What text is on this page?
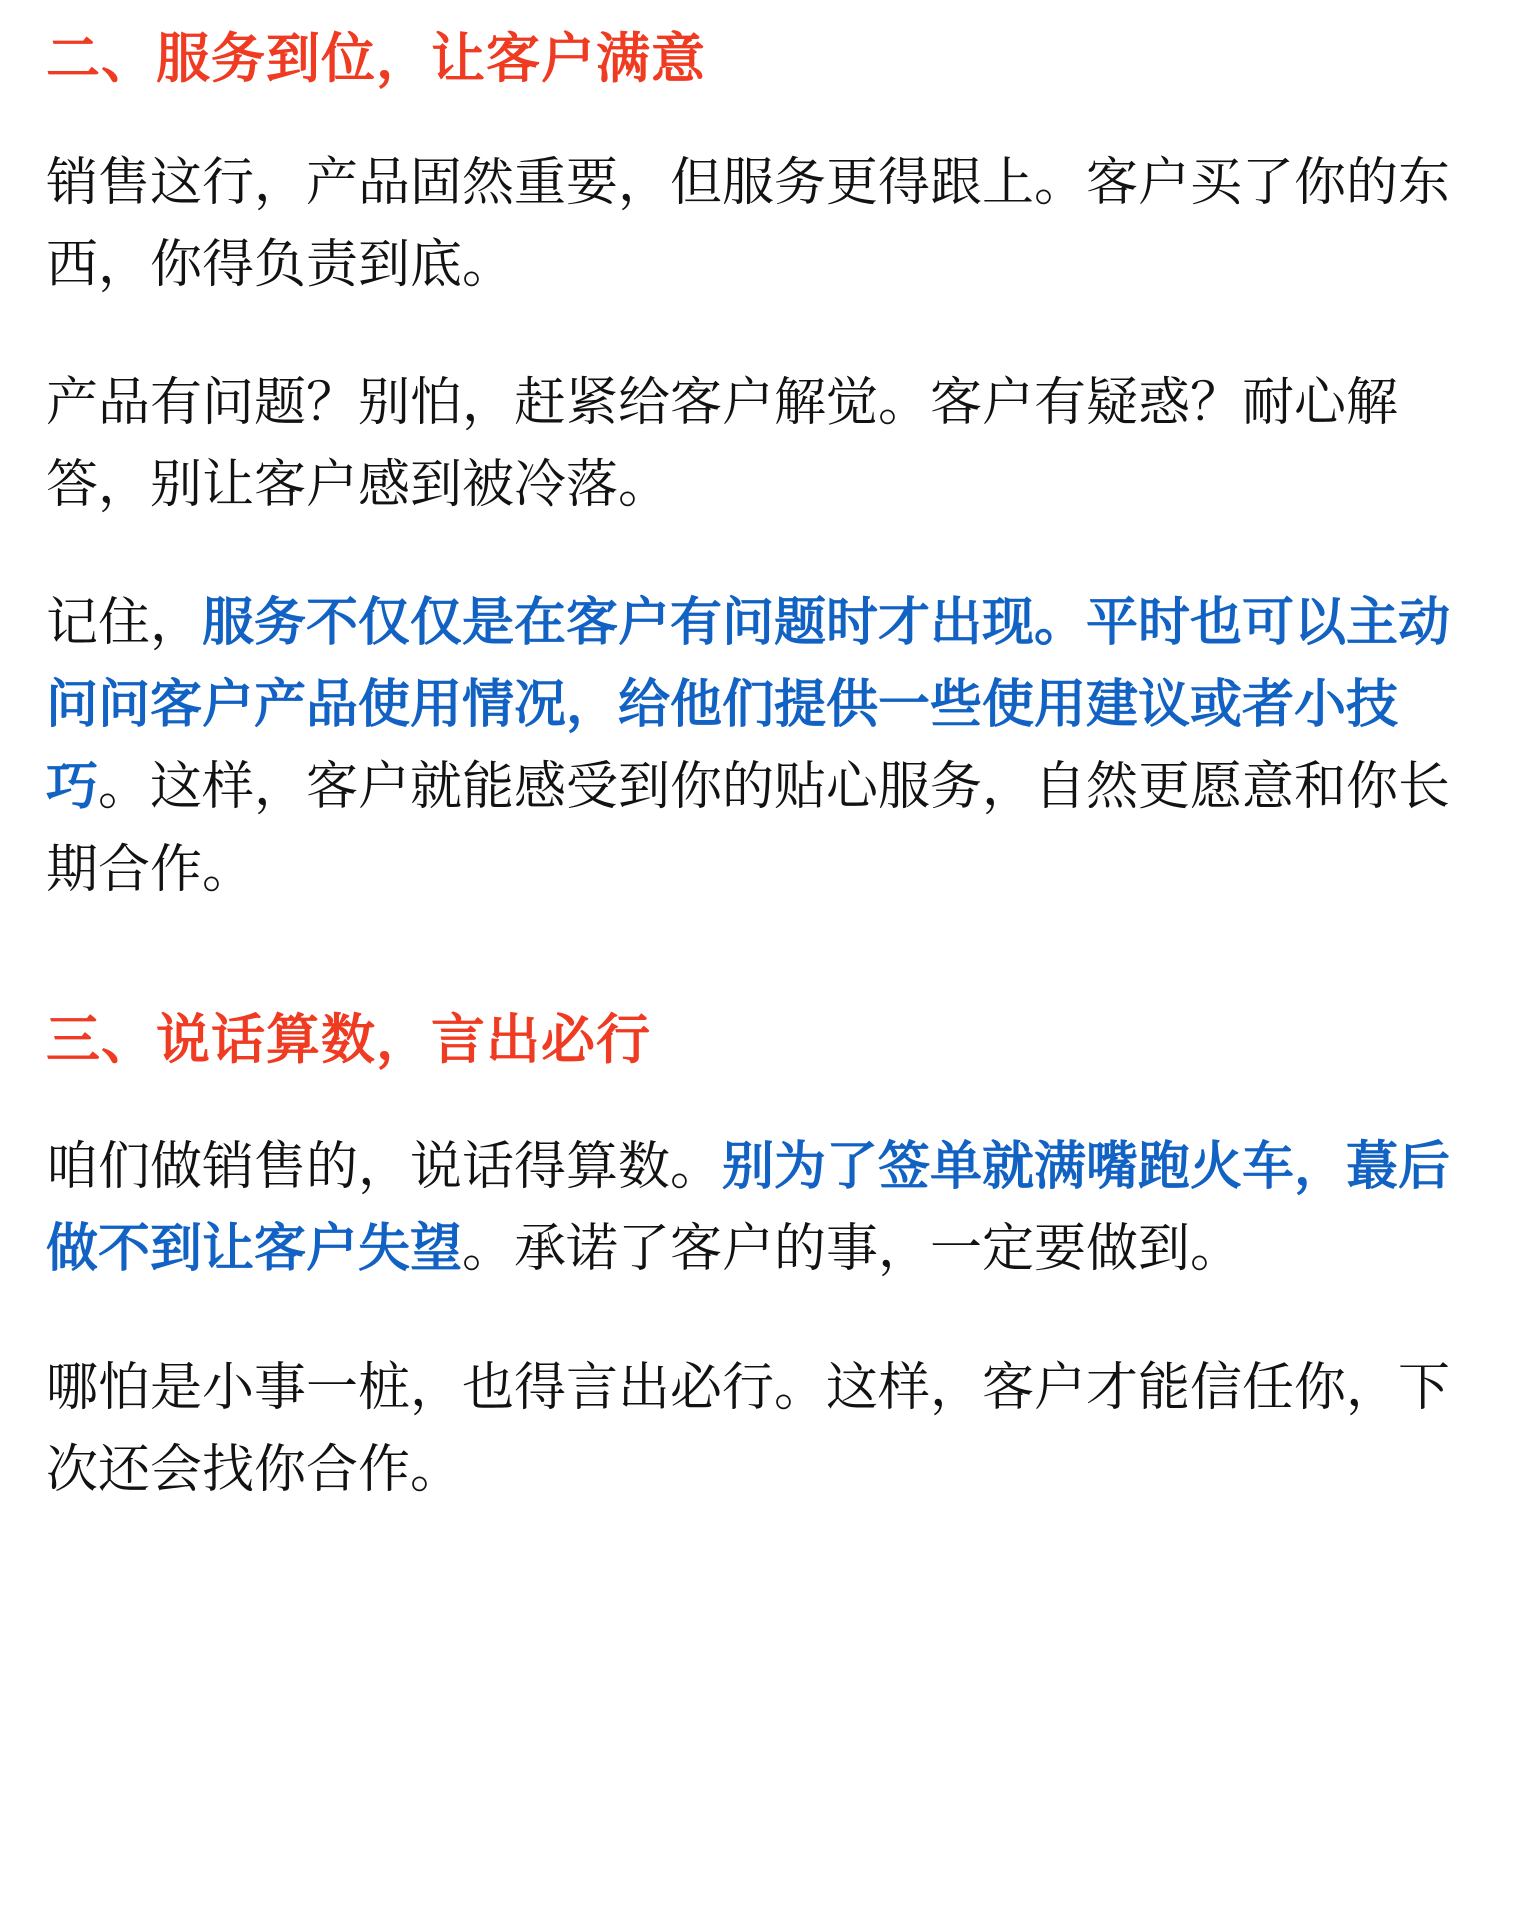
二、服务到位，让客户满意

销售这行，产品固然重要，但服务更得跟上。客户买了你的东西，你得负责到底。

产品有问题？别怕，赶紧给客户解觉。客户有疑惑？耐心解答，别让客户感到被冷落。

记住，服务不仅仅是在客户有问题时才出现。平时也可以主动问问客户产品使用情况，给他们提供一些使用建议或者小技巧。这样，客户就能感受到你的贴心服务，自然更愿意和你长期合作。

三、说话算数，言出必行

咱们做销售的，说话得算数。别为了签单就满嘴跑火车，蕞后做不到让客户失望。承诺了客户的事，一定要做到。

哪怕是小事一桩，也得言出必行。这样，客户才能信任你，下次还会找你合作。
